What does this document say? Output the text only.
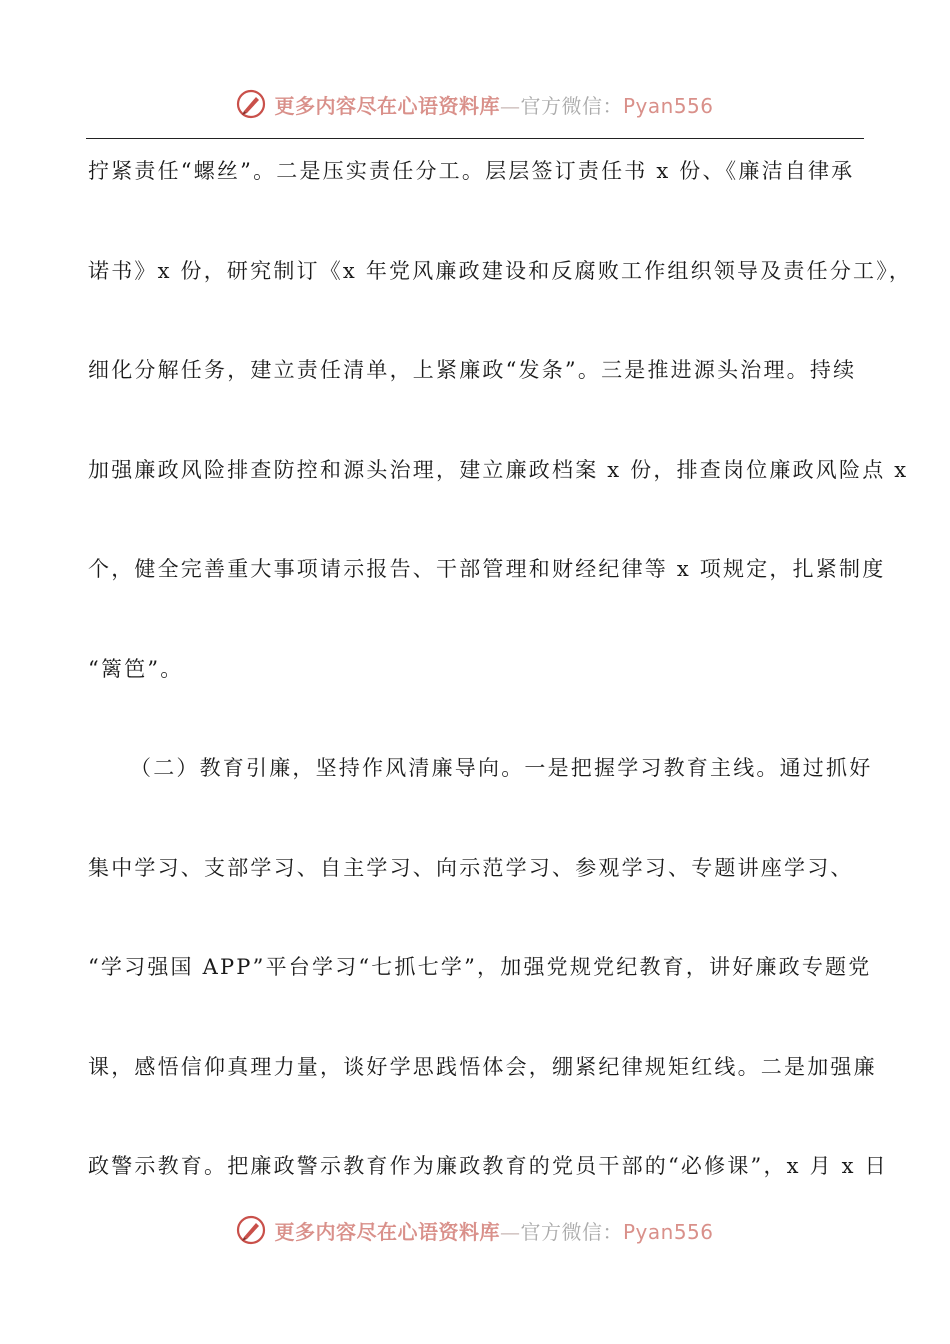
更多内容尽在心语资料库—官方微信：Pyan556
拧紧责任“螺丝”。二是压实责任分工。层层签订责任书 x 份、《廉洁自律承
诺书》x 份，研究制订《x 年党风廉政建设和反腐败工作组织领导及责任分工》，
细化分解任务，建立责任清单，上紧廉政“发条”。三是推进源头治理。持续
加强廉政风险排查防控和源头治理，建立廉政档案 x 份，排查岗位廉政风险点 x
个，健全完善重大事项请示报告、干部管理和财经纪律等 x 项规定，扎紧制度
“篱笆”。
（二）教育引廉，坚持作风清廉导向。一是把握学习教育主线。通过抓好
集中学习、支部学习、自主学习、向示范学习、参观学习、专题讲座学习、
“学习强国 APP”平台学习“七抓七学”，加强党规党纪教育，讲好廉政专题党
课，感悟信仰真理力量，谈好学思践悟体会，绷紧纪律规矩红线。二是加强廉
政警示教育。把廉政警示教育作为廉政教育的党员干部的“必修课”，x 月 x 日
更多内容尽在心语资料库—官方微信：Pyan556
